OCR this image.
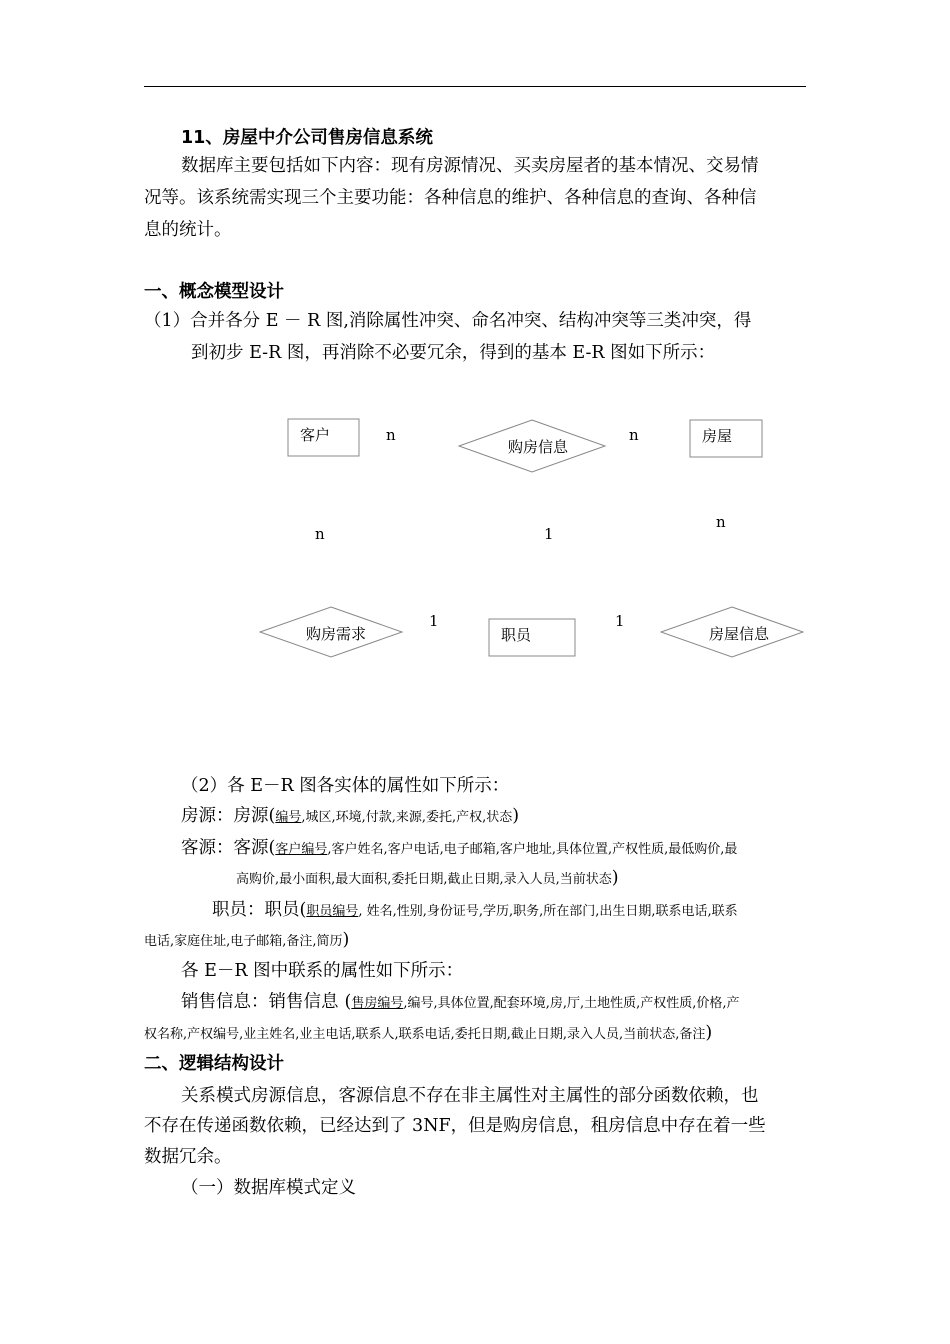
11、房屋中介公司售房信息系统
数据库主要包括如下内容：现有房源情况、买卖房屋者的基本情况、交易情
况等。该系统需实现三个主要功能：各种信息的维护、各种信息的查询、各种信
息的统计。
一、概念模型设计
（1）合并各分 E － R 图,消除属性冲突、命名冲突、结构冲突等三类冲突，得
到初步 E-R 图，再消除不必要冗余，得到的基本 E-R 图如下所示：
客户	房屋
职员
购房信息
购房需求	房屋信息
n	n
n
n
1
1	1
（2）各 E－R 图各实体的属性如下所示：
房源：房源(编号,城区,环境,付款,来源,委托,产权,状态)
客源：客源(客户编号,客户姓名,客户电话,电子邮箱,客户地址,具体位置,产权性质,最低购价,最
高购价,最小面积,最大面积,委托日期,截止日期,录入人员,当前状态)
职员：职员(职员编号, 姓名,性别,身份证号,学历,职务,所在部门,出生日期,联系电话,联系
电话,家庭住址,电子邮箱,备注,简历)
各 E－R 图中联系的属性如下所示：
销售信息：销售信息 (售房编号,编号,具体位置,配套环境,房,厅,土地性质,产权性质,价格,产
权名称,产权编号,业主姓名,业主电话,联系人,联系电话,委托日期,截止日期,录入人员,当前状态,备注)
二、逻辑结构设计
关系模式房源信息，客源信息不存在非主属性对主属性的部分函数依赖，也
不存在传递函数依赖，已经达到了 3NF，但是购房信息，租房信息中存在着一些
数据冗余。
（一）数据库模式定义
